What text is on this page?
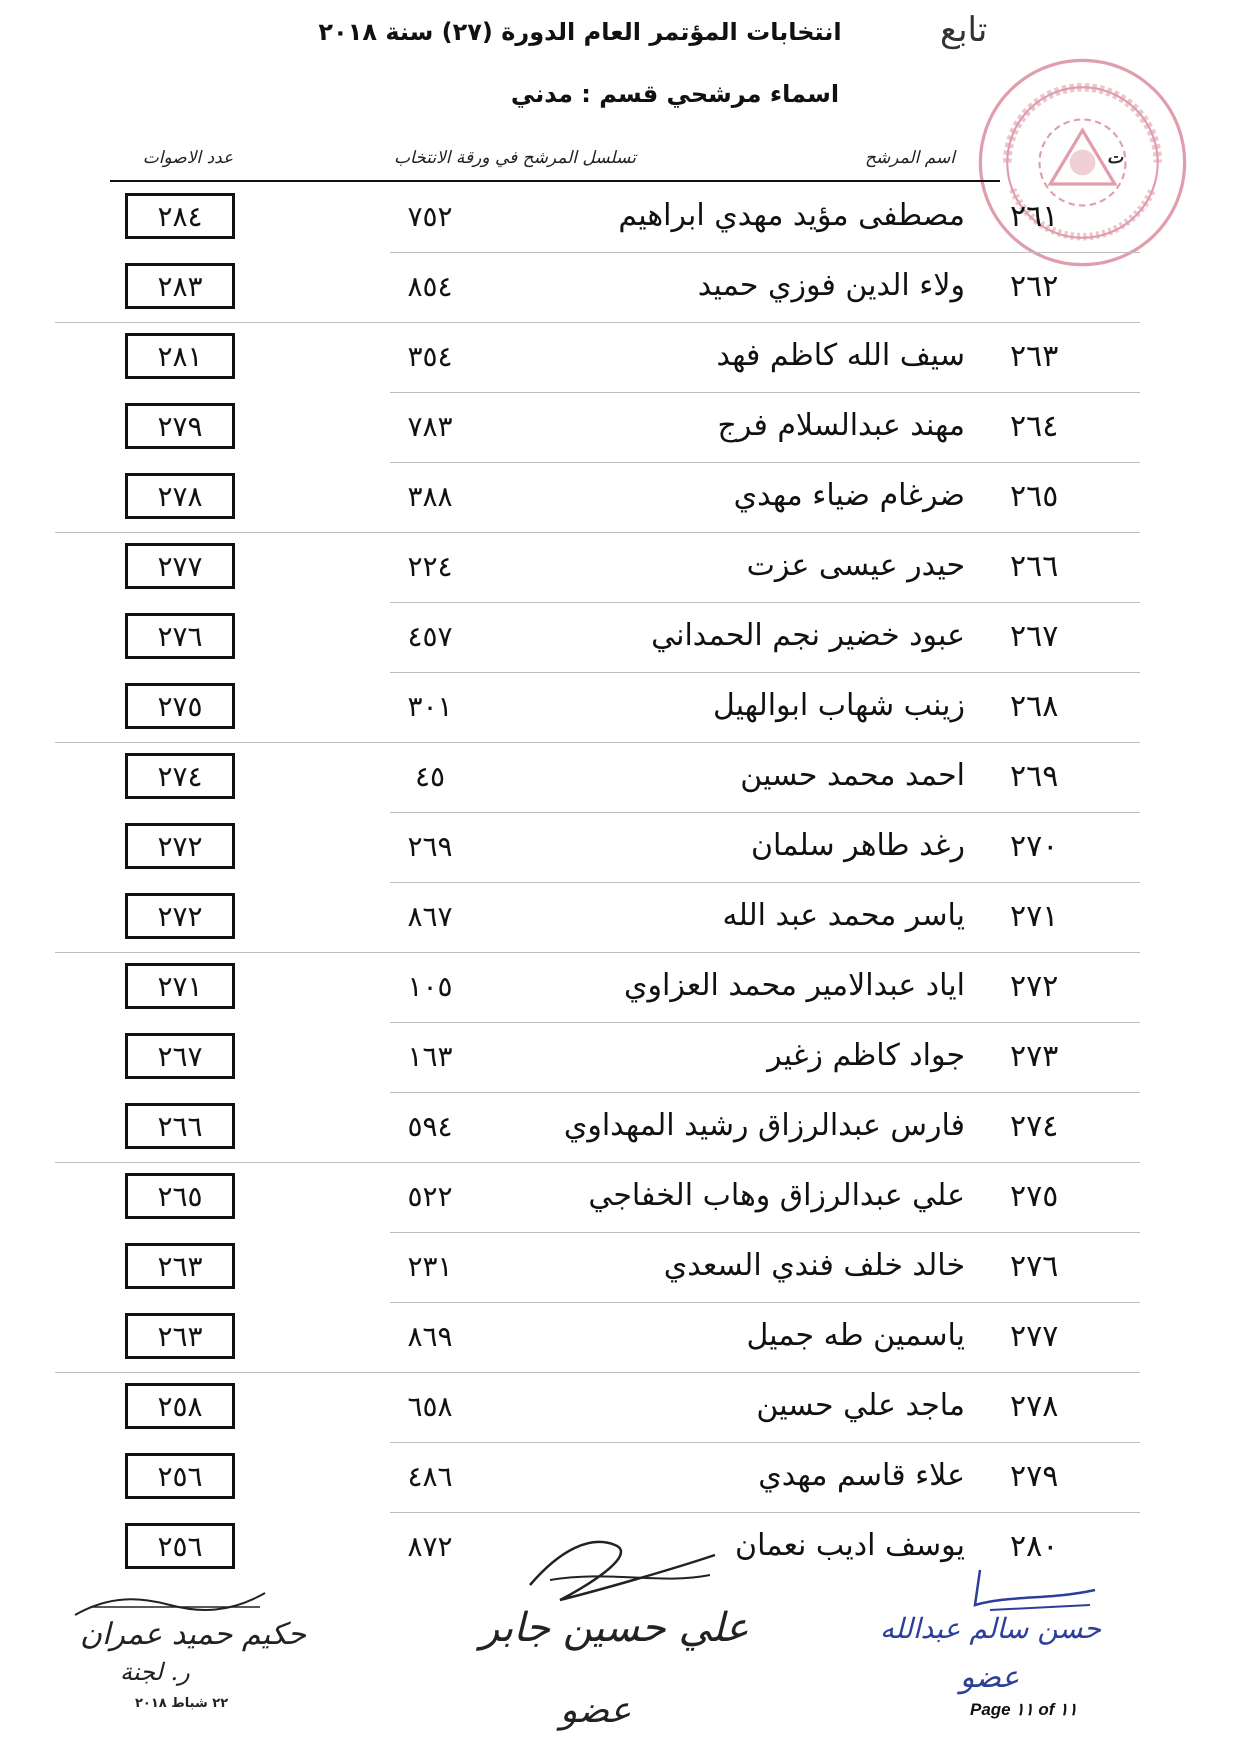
تابع
انتخابات المؤتمر العام الدورة (٢٧) سنة ٢٠١٨
اسماء مرشحي قسم : مدني
عدد الاصوات	تسلسل المرشح في ورقة الانتخاب	اسم المرشح	ت
٢٨٤	٧٥٢	مصطفى مؤيد مهدي ابراهيم ٢٦١
٢٨٣	٨٥٤	ولاء الدين فوزي حميد ٢٦٢
٢٨١	٣٥٤	سيف الله كاظم فهد ٢٦٣
٢٧٩	٧٨٣	مهند عبدالسلام فرج ٢٦٤
٢٧٨	٣٨٨	ضرغام ضياء مهدي ٢٦٥
٢٧٧	٢٢٤	حيدر عيسى عزت ٢٦٦
٢٧٦	٤٥٧	عبود خضير نجم الحمداني ٢٦٧
٢٧٥	٣٠١	زينب شهاب ابوالهيل ٢٦٨
٢٧٤	٤٥	احمد محمد حسين ٢٦٩
٢٧٢	٢٦٩	رغد طاهر سلمان ٢٧٠
٢٧٢	٨٦٧	ياسر محمد عبد الله ٢٧١
٢٧١	١٠٥	اياد عبدالامير محمد العزاوي ٢٧٢
٢٦٧	١٦٣	جواد كاظم زغير ٢٧٣
٢٦٦	٥٩٤	فارس عبدالرزاق رشيد المهداوي ٢٧٤
٢٦٥	٥٢٢	علي عبدالرزاق وهاب الخفاجي ٢٧٥
٢٦٣	٢٣١	خالد خلف فندي السعدي ٢٧٦
٢٦٣	٨٦٩	ياسمين طه جميل ٢٧٧
٢٥٨	٦٥٨	ماجد علي حسين ٢٧٨
٢٥٦	٤٨٦	علاء قاسم مهدي ٢٧٩
٢٥٦	٨٧٢	يوسف اديب نعمان ٢٨٠
حكيم حميد عمران
ر. لجنة
٢٢ شباط ٢٠١٨
علي حسين جابر
عضو
حسن سالم عبدالله
عضو
Page ١١ of ١١
